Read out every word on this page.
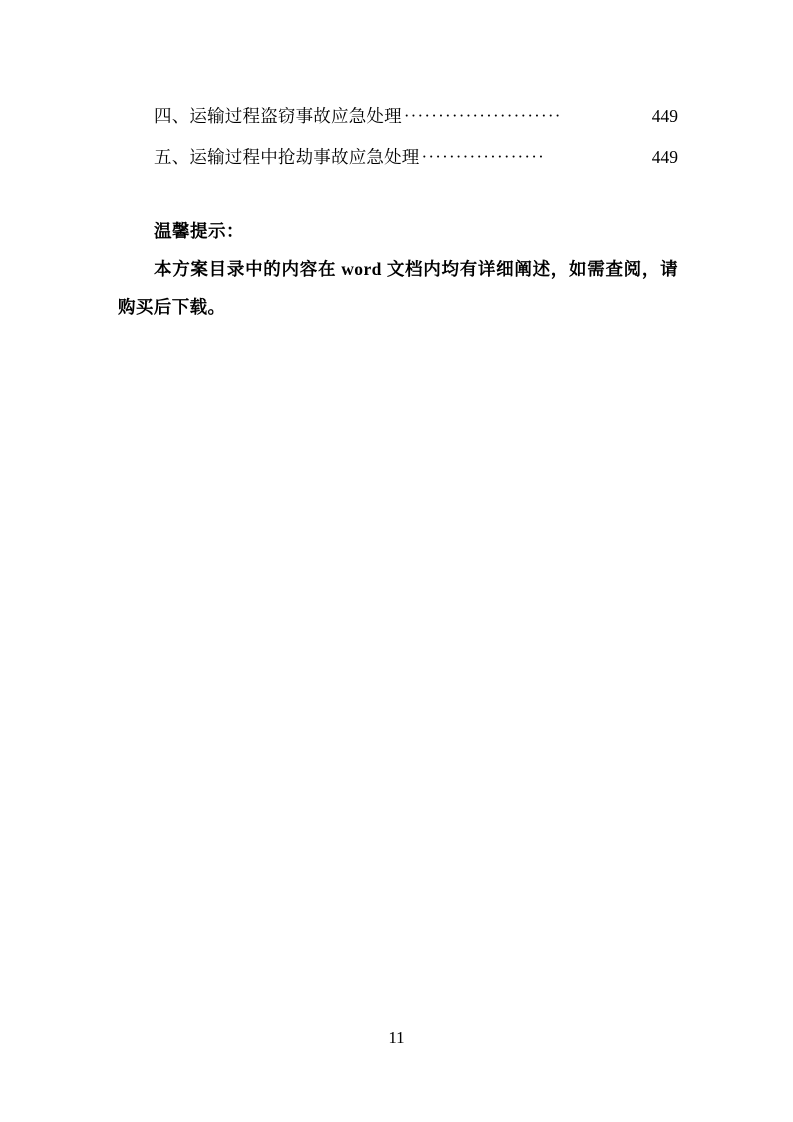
四、运输过程盗窃事故应急处理 ·······················	449
五、运输过程中抢劫事故应急处理 ··················	449
温馨提示：
本方案目录中的内容在 word 文档内均有详细阐述，如需查阅，请购买后下载。
11
